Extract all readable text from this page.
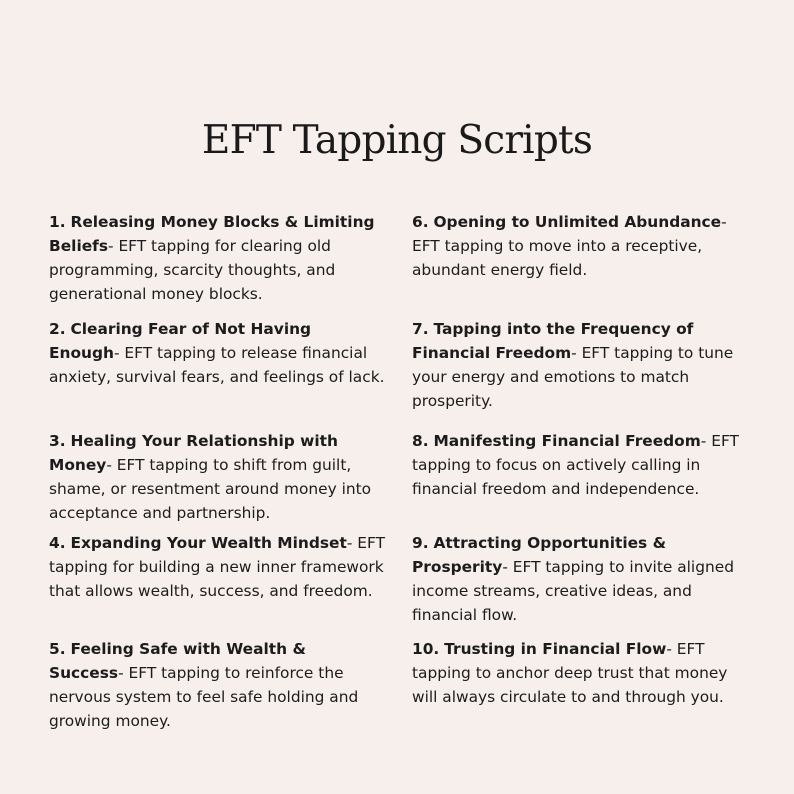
EFT Tapping Scripts
1. Releasing Money Blocks & Limiting Beliefs- EFT tapping for clearing old programming, scarcity thoughts, and generational money blocks.
2. Clearing Fear of Not Having Enough- EFT tapping to release financial anxiety, survival fears, and feelings of lack.
3. Healing Your Relationship with Money- EFT tapping to shift from guilt, shame, or resentment around money into acceptance and partnership.
4. Expanding Your Wealth Mindset- EFT tapping for building a new inner framework that allows wealth, success, and freedom.
5. Feeling Safe with Wealth & Success- EFT tapping to reinforce the nervous system to feel safe holding and growing money.
6. Opening to Unlimited Abundance- EFT tapping to move into a receptive, abundant energy field.
7. Tapping into the Frequency of Financial Freedom- EFT tapping to tune your energy and emotions to match prosperity.
8. Manifesting Financial Freedom- EFT tapping to focus on actively calling in financial freedom and independence.
9. Attracting Opportunities & Prosperity- EFT tapping to invite aligned income streams, creative ideas, and financial flow.
10. Trusting in Financial Flow- EFT tapping to anchor deep trust that money will always circulate to and through you.
